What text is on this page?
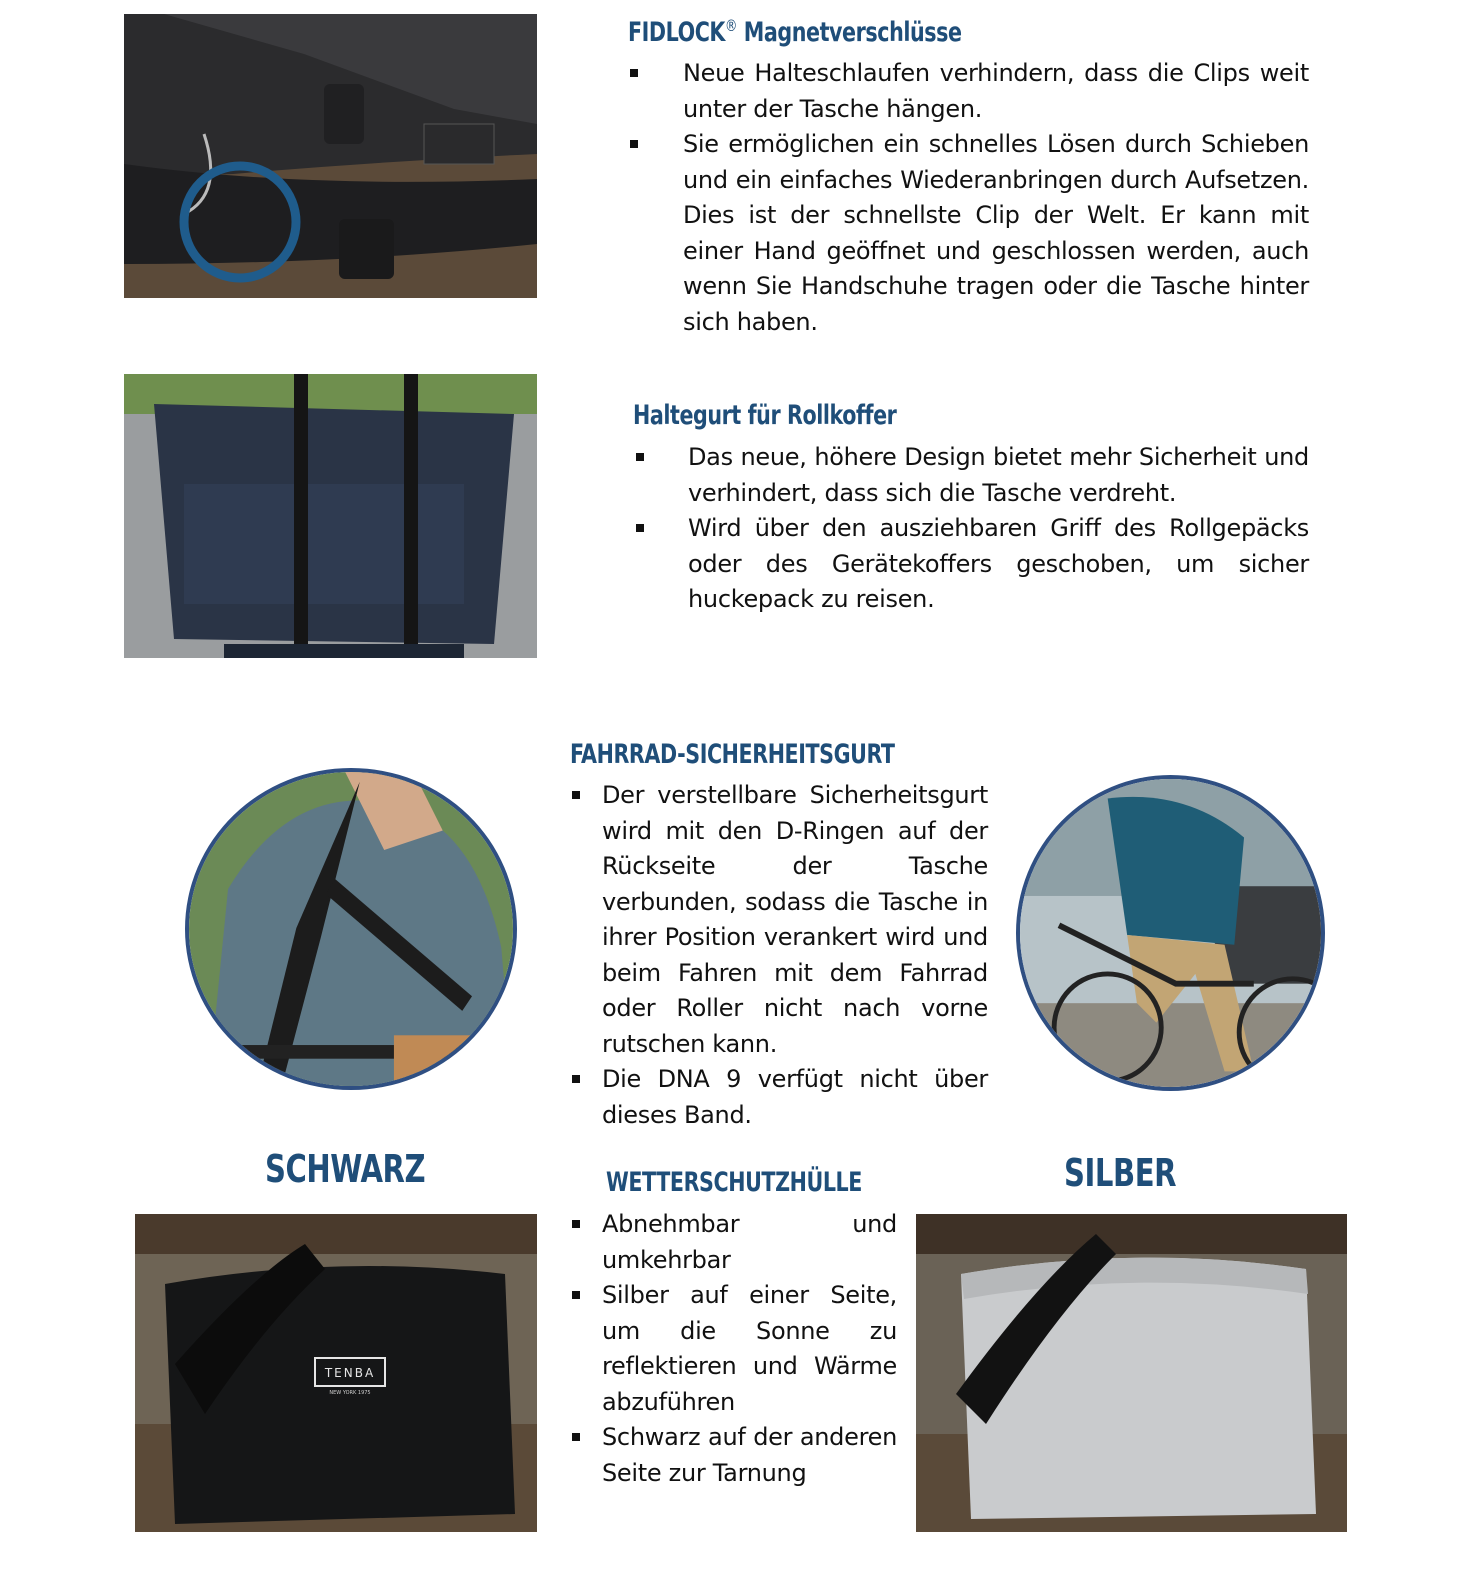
FIDLOCK® Magnetverschlüsse
Neue Halteschlaufen verhindern, dass die Clips weit unter der Tasche hängen.
Sie ermöglichen ein schnelles Lösen durch Schieben und ein einfaches Wiederanbringen durch Aufsetzen. Dies ist der schnellste Clip der Welt. Er kann mit einer Hand geöffnet und geschlossen werden, auch wenn Sie Handschuhe tragen oder die Tasche hinter sich haben.
Haltegurt für Rollkoffer
Das neue, höhere Design bietet mehr Sicherheit und verhindert, dass sich die Tasche verdreht.
Wird über den ausziehbaren Griff des Rollgepäcks oder des Gerätekoffers geschoben, um sicher huckepack zu reisen.
FAHRRAD-SICHERHEITSGURT
Der verstellbare Sicherheitsgurt wird mit den D-Ringen auf der Rückseite der Tasche verbunden, sodass die Tasche in ihrer Position verankert wird und beim Fahren mit dem Fahrrad oder Roller nicht nach vorne rutschen kann.
Die DNA 9 verfügt nicht über dieses Band.
SCHWARZ	SILBER
WETTERSCHUTZHÜLLE
Abnehmbar und umkehrbar
Silber auf einer Seite, um die Sonne zu reflektieren und Wärme abzuführen
Schwarz auf der anderen Seite zur Tarnung
TENBA
NEW YORK 1975
